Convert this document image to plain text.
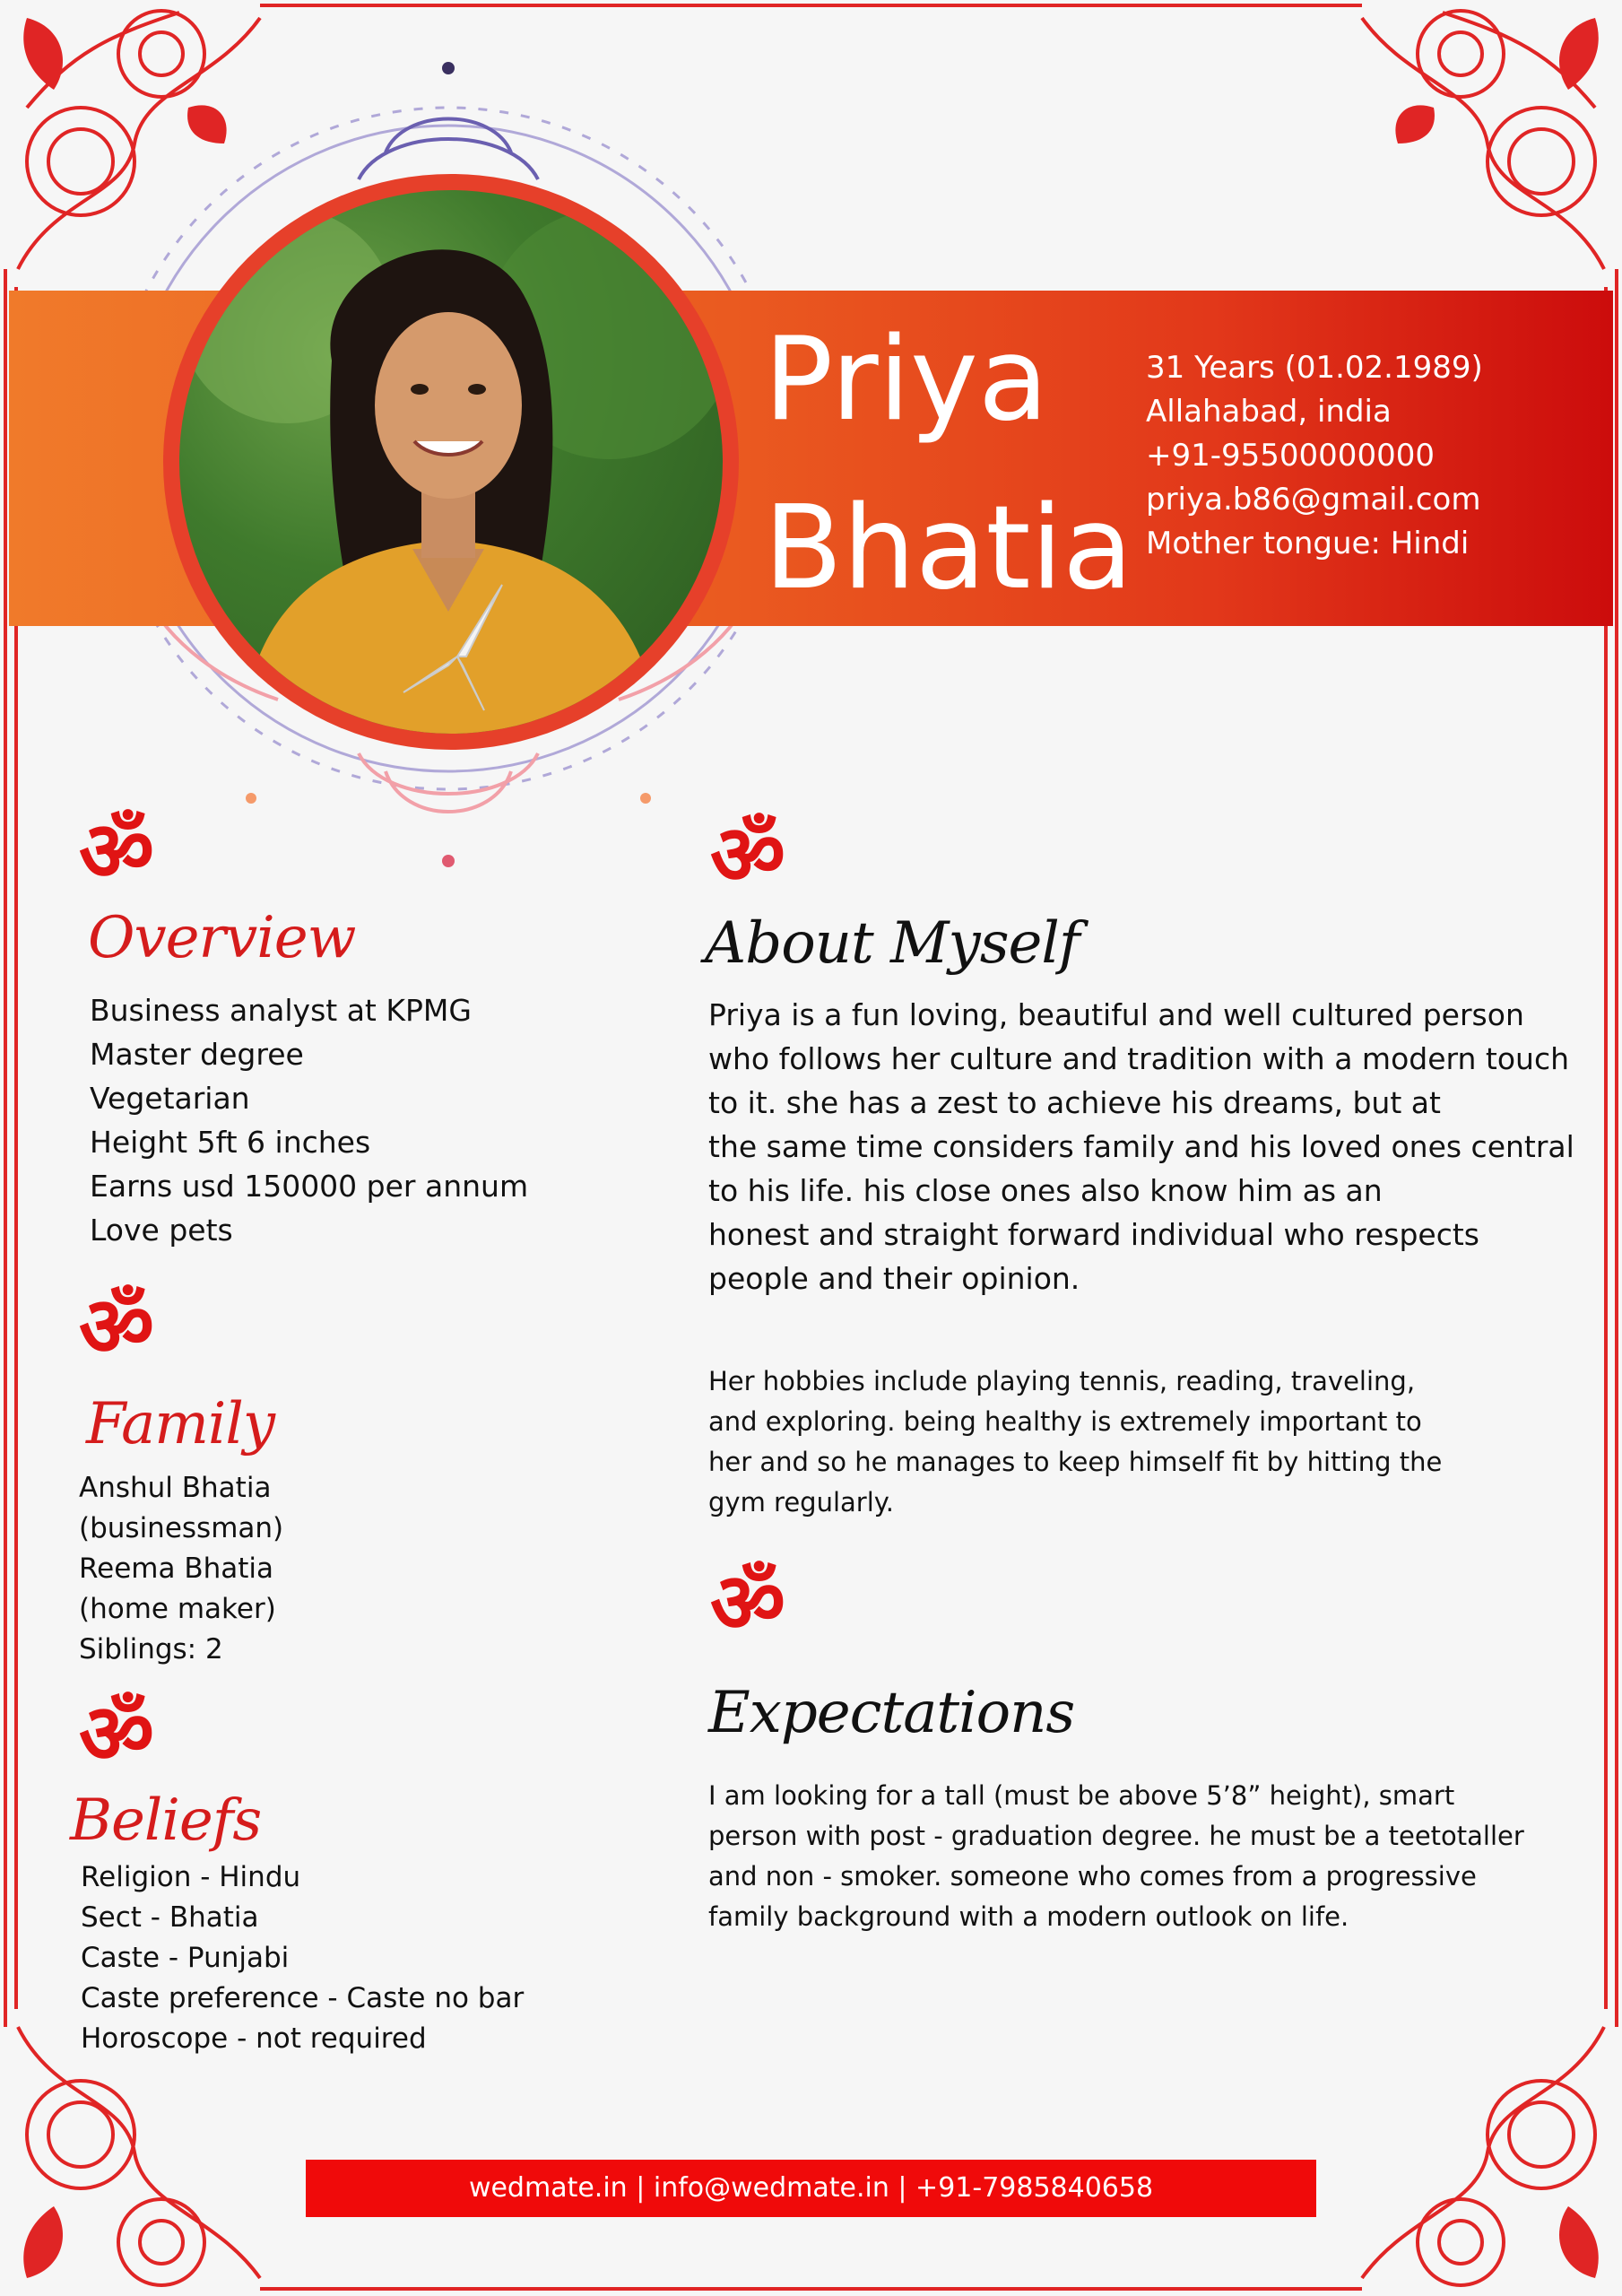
Priya
Bhatia
31 Years (01.02.1989)
Allahabad, india
+91-95500000000
priya.b86@gmail.com
Mother tongue: Hindi
ॐ
Overview
Business analyst at KPMG
Master degree
Vegetarian
Height 5ft 6 inches
Earns usd 150000 per annum
Love pets
ॐ
Family
Anshul Bhatia
(businessman)
Reema Bhatia
(home maker)
Siblings: 2
ॐ
Beliefs
Religion - Hindu
Sect - Bhatia
Caste - Punjabi
Caste preference - Caste no bar
Horoscope - not required
ॐ
About Myself
Priya is a fun loving, beautiful and well cultured person
who follows her culture and tradition with a modern touch
to it. she has a zest to achieve his dreams, but at
the same time considers family and his loved ones central
to his life. his close ones also know him as an
honest and straight forward individual who respects
people and their opinion.
Her hobbies include playing tennis, reading, traveling,
and exploring. being healthy is extremely important to
her and so he manages to keep himself fit by hitting the
gym regularly.
ॐ
Expectations
I am looking for a tall (must be above 5’8” height), smart
person with post - graduation degree. he must be a teetotaller
and non - smoker. someone who comes from a progressive
family background with a modern outlook on life.
wedmate.in | info@wedmate.in | +91-7985840658
